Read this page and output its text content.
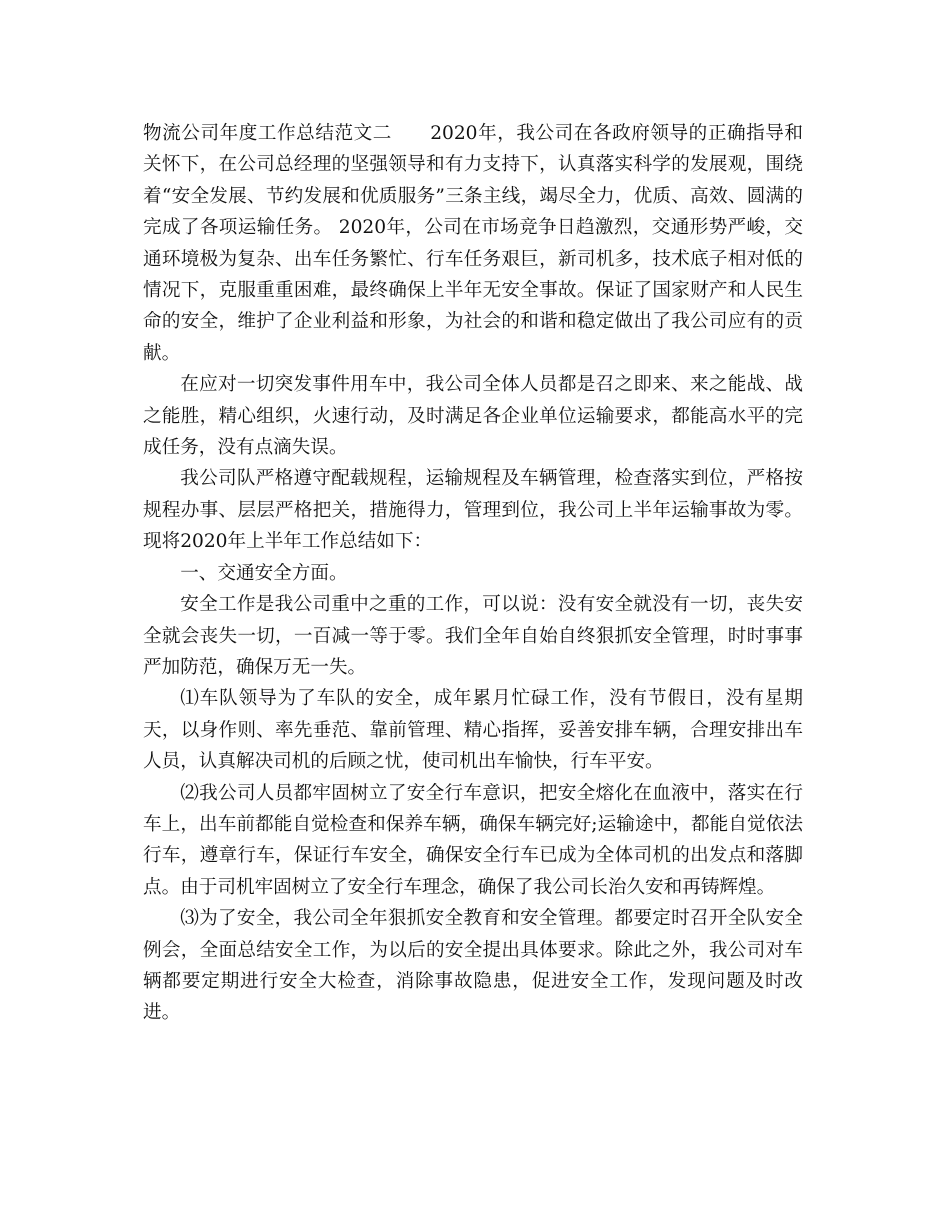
物流公司年度工作总结范文二　　2020年，我公司在各政府领导的正确指导和关怀下，在公司总经理的坚强领导和有力支持下，认真落实科学的发展观，围绕着“安全发展、节约发展和优质服务”三条主线，竭尽全力，优质、高效、圆满的完成了各项运输任务。 2020年，公司在市场竞争日趋激烈，交通形势严峻，交通环境极为复杂、出车任务繁忙、行车任务艰巨，新司机多，技术底子相对低的情况下，克服重重困难，最终确保上半年无安全事故。保证了国家财产和人民生命的安全，维护了企业利益和形象，为社会的和谐和稳定做出了我公司应有的贡献。

在应对一切突发事件用车中，我公司全体人员都是召之即来、来之能战、战之能胜，精心组织，火速行动，及时满足各企业单位运输要求，都能高水平的完成任务，没有点滴失误。

我公司队严格遵守配载规程，运输规程及车辆管理，检查落实到位，严格按规程办事、层层严格把关，措施得力，管理到位，我公司上半年运输事故为零。现将2020年上半年工作总结如下：

一、交通安全方面。

安全工作是我公司重中之重的工作，可以说：没有安全就没有一切，丧失安全就会丧失一切，一百减一等于零。我们全年自始自终狠抓安全管理，时时事事严加防范，确保万无一失。

⑴车队领导为了车队的安全，成年累月忙碌工作，没有节假日，没有星期天，以身作则、率先垂范、靠前管理、精心指挥，妥善安排车辆，合理安排出车人员，认真解决司机的后顾之忧，使司机出车愉快，行车平安。

⑵我公司人员都牢固树立了安全行车意识，把安全熔化在血液中，落实在行车上，出车前都能自觉检查和保养车辆，确保车辆完好;运输途中，都能自觉依法行车，遵章行车，保证行车安全，确保安全行车已成为全体司机的出发点和落脚点。由于司机牢固树立了安全行车理念，确保了我公司长治久安和再铸辉煌。

⑶为了安全，我公司全年狠抓安全教育和安全管理。都要定时召开全队安全例会，全面总结安全工作，为以后的安全提出具体要求。除此之外，我公司对车辆都要定期进行安全大检查，消除事故隐患，促进安全工作，发现问题及时改进。
